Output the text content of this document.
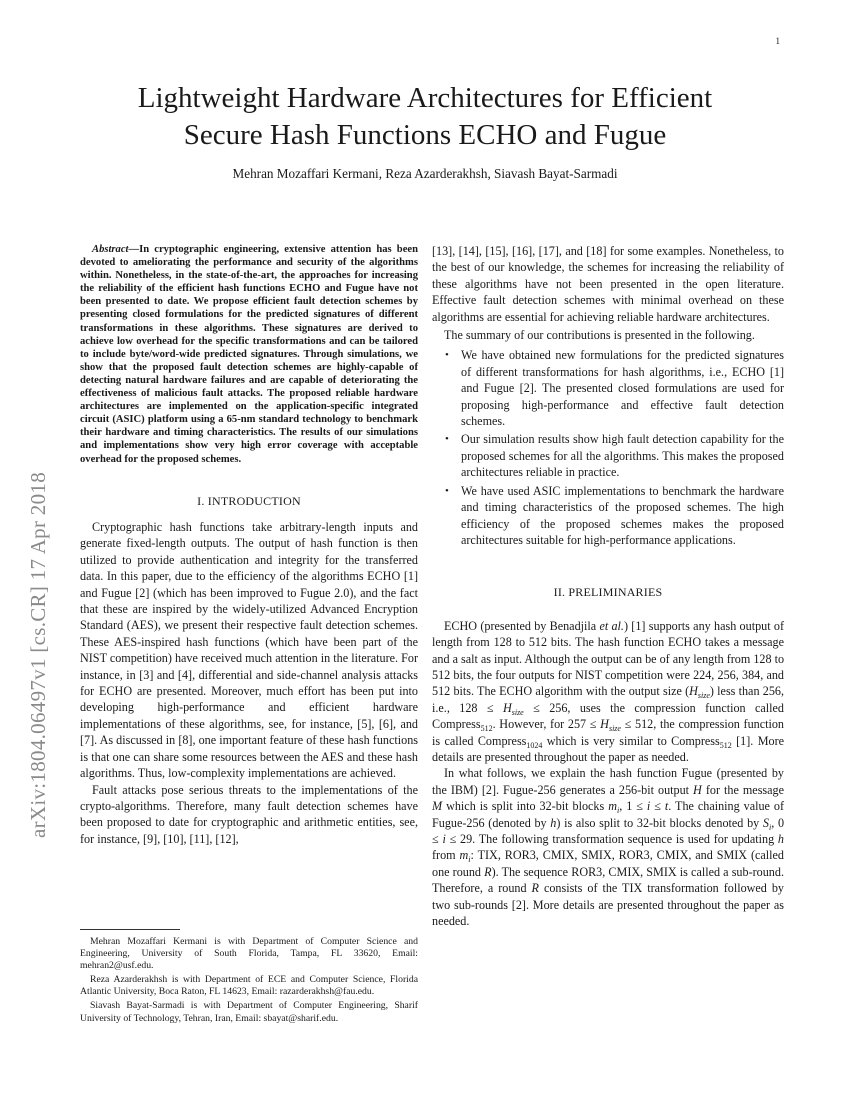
1
arXiv:1804.06497v1 [cs.CR] 17 Apr 2018
Lightweight Hardware Architectures for Efficient
Secure Hash Functions ECHO and Fugue
Mehran Mozaffari Kermani, Reza Azarderakhsh, Siavash Bayat-Sarmadi

Abstract—In cryptographic engineering, extensive attention has been devoted to ameliorating the performance and security of the algorithms within. Nonetheless, in the state-of-the-art, the approaches for increasing the reliability of the efficient hash functions ECHO and Fugue have not been presented to date. We propose efficient fault detection schemes by presenting closed formulations for the predicted signatures of different transformations in these algorithms. These signatures are derived to achieve low overhead for the specific transformations and can be tailored to include byte/word-wide predicted signatures. Through simulations, we show that the proposed fault detection schemes are highly-capable of detecting natural hardware failures and are capable of deteriorating the effectiveness of malicious fault attacks. The proposed reliable hardware architectures are implemented on the application-specific integrated circuit (ASIC) platform using a 65-nm standard technology to benchmark their hardware and timing characteristics. The results of our simulations and implementations show very high error coverage with acceptable overhead for the proposed schemes.

I. INTRODUCTION

Cryptographic hash functions take arbitrary-length inputs and generate fixed-length outputs. The output of hash function is then utilized to provide authentication and integrity for the transferred data. In this paper, due to the efficiency of the algorithms ECHO [1] and Fugue [2] (which has been improved to Fugue 2.0), and the fact that these are inspired by the widely-utilized Advanced Encryption Standard (AES), we present their respective fault detection schemes. These AES-inspired hash functions (which have been part of the NIST competition) have received much attention in the literature. For instance, in [3] and [4], differential and side-channel analysis attacks for ECHO are presented. Moreover, much effort has been put into developing high-performance and efficient hardware implementations of these algorithms, see, for instance, [5], [6], and [7]. As discussed in [8], one important feature of these hash functions is that one can share some resources between the AES and these hash algorithms. Thus, low-complexity implementations are achieved.

Fault attacks pose serious threats to the implementations of the crypto-algorithms. Therefore, many fault detection schemes have been proposed to date for cryptographic and arithmetic entities, see, for instance, [9], [10], [11], [12],

Mehran Mozaffari Kermani is with Department of Computer Science and Engineering, University of South Florida, Tampa, FL 33620, Email: mehran2@usf.edu.

Reza Azarderakhsh is with Department of ECE and Computer Science, Florida Atlantic University, Boca Raton, FL 14623, Email: razarderakhsh@fau.edu.

Siavash Bayat-Sarmadi is with Department of Computer Engineering, Sharif University of Technology, Tehran, Iran, Email: sbayat@sharif.edu.

[13], [14], [15], [16], [17], and [18] for some examples. Nonetheless, to the best of our knowledge, the schemes for increasing the reliability of these algorithms have not been presented in the open literature. Effective fault detection schemes with minimal overhead on these algorithms are essential for achieving reliable hardware architectures.

The summary of our contributions is presented in the following.

• We have obtained new formulations for the predicted signatures of different transformations for hash algorithms, i.e., ECHO [1] and Fugue [2]. The presented closed formulations are used for proposing high-performance and effective fault detection schemes.
• Our simulation results show high fault detection capability for the proposed schemes for all the algorithms. This makes the proposed architectures reliable in practice.
• We have used ASIC implementations to benchmark the hardware and timing characteristics of the proposed schemes. The high efficiency of the proposed schemes makes the proposed architectures suitable for high-performance applications.
II. PRELIMINARIES

ECHO (presented by Benadjila et al.) [1] supports any hash output of length from 128 to 512 bits. The hash function ECHO takes a message and a salt as input. Although the output can be of any length from 128 to 512 bits, the four outputs for NIST competition were 224, 256, 384, and 512 bits. The ECHO algorithm with the output size $(H_{size})$ less than 256, i.e., $128 \le H_{size} \le 256$, uses the compression function called Compress$_{512}$. However, for $257 \le H_{size} \le 512$, the compression function is called Compress$_{1024}$ which is very similar to Compress$_{512}$ [1]. More details are presented throughout the paper as needed.

In what follows, we explain the hash function Fugue (presented by the IBM) [2]. Fugue-256 generates a 256-bit output H for the message M which is split into 32-bit blocks $m_i$, 1 ≤ i ≤ t. The chaining value of Fugue-256 (denoted by h) is also split to 32-bit blocks denoted by $S_i$, 0 ≤ i ≤ 29. The following transformation sequence is used for updating h from $m_i$: TIX, ROR3, CMIX, SMIX, ROR3, CMIX, and SMIX (called one round R). The sequence ROR3, CMIX, SMIX is called a sub-round. Therefore, a round R consists of the TIX transformation followed by two sub-rounds [2]. More details are presented throughout the paper as needed.
